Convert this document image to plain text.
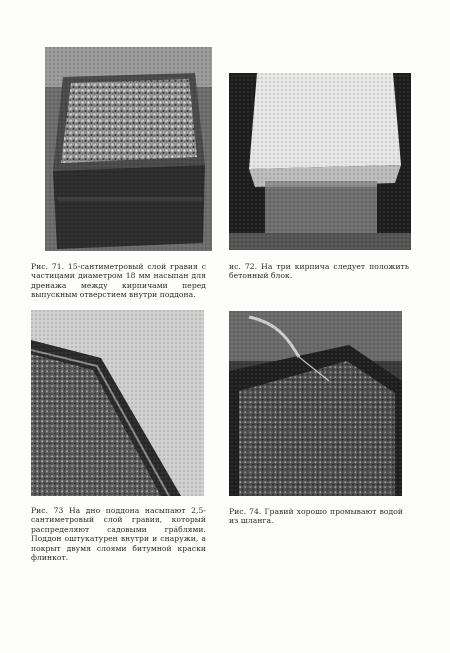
Рис. 71. 15-сантиметровый слой гравия с частицами диаметром 18 мм насыпан для дренажа между кирпичами перед выпускным отверстием внутри поддона.
ис. 72. На три кирпича следует положить бетонный блок.
Рис. 73 На дно поддона насыпают 2,5-сантиметровый слой гравия, который распределяют садовыми грáблями. Поддон оштукатурен внутри и снаружи, а покрыт двумя слоями битумной краски флинкот.
Рис. 74. Гравий хорошо промывают водой из шланга.
